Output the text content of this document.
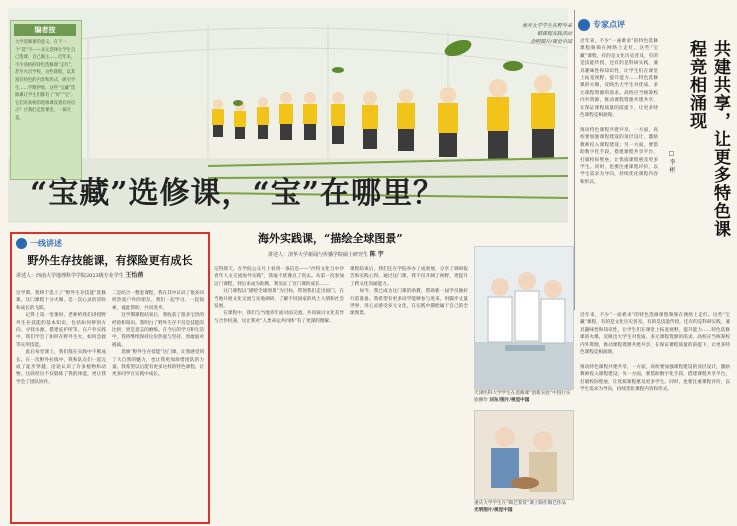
编者按
大学选修课的意义，在于一个“选”字——多元选择让学生自己选课、自己做主……近年来，不少高校的特色选修课“走红”，甚至火出学校。这些课程，以其富有特色的内容和形式，吸引学生……学期伊始，这些“宝藏”选修课让学生们都有了“好”“宝”。它们对高校的选修课设置有何启示？让我们走进课堂，一探究竟。
南开大学学生在野外采
稻课程实践活动
余明图片/视觉中国
“宝藏”选修课，“宝”在哪里？
专家点评
共建共享，让更多特色课程竞相涌现
□ 李 彬
近年来，不少“一座难求”的特色选修课程频频在网络上走红。这些“宝藏”课程，有的是文化历史普及，有的是技能传授，还有的是科研实践，兼具趣味性和知识性，让学生们在课堂上拓宽视野、提升能力……特色选修课的火爆，反映出大学生对优质、多元课程资源的渴求。高校应当统筹校内外资源，推动课程资源共建共享，在保证课程质量的前提下，让更多特色课程竞相涌现。

推动特色课程共建共享，一方面，高校要加强课程建设的顶层设计，激励教师投入课程建设；另一方面，要借助数字化手段，搭建课程共享平台，打破校际壁垒，让优质课程惠及更多学生。同时，也要注重课程评价，以学生需求为导向，持续优化课程内容和形式。
近年来，不少“一座难求”的特色选修课程频频在网络上走红。这些“宝藏”课程，有的是文化历史普及，有的是技能传授，还有的是科研实践，兼具趣味性和知识性，让学生们在课堂上拓宽视野、提升能力……特色选修课的火爆，反映出大学生对优质、多元课程资源的渴求。高校应当统筹校内外资源，推动课程资源共建共享，在保证课程质量的前提下，让更多特色课程竞相涌现。

推动特色课程共建共享，一方面，高校要加强课程建设的顶层设计，激励教师投入课程建设；另一方面，要借助数字化手段，搭建课程共享平台，打破校际壁垒，让优质课程惠及更多学生。同时，也要注重课程评价，以学生需求为导向，持续优化课程内容和形式。
一线讲述
野外生存技能课，有探险更有成长
讲述人：西南大学地理科学学院2023级专业学生 王怡蓓
这学期，我终于选上了“野外生存技能”选修课。这门课程十分火爆，是一次心灵的冒险和成长的飞跃。
　　记得上第一堂课时，老师给我们讲授野外生存技能的基本知识，包括如何辨别方向、寻找水源、搭建庇护所等。在户外实践中，我们学会了如何在野外生火、如何急救等实用技能。
　　此后每堂课上，我们都在实践中不断成长。在一次野外拉练中，我和队友们一起完成了徒步穿越，沿途认识了许多植物和动物。这段经历不仅锻炼了我的体能，更让我学会了团队协作。
二是结合一整套课程，我在其中认识了很多同样热爱户外的朋友。我们一起学习、一起探索，彼此帮助，共同进步。
　　这学期课程结束后，我收获了很多宝贵的经验和知识。我明白了野外生存不仅是技能的比拼，更是意志的磨练。在今后的学习和生活中，我将继续保持这份热爱与坚持，勇敢面对挑战。
　　选修“野外生存技能”这门课，让我感受到了大自然的魅力，也让我更加珍惜团队的力量。我希望以后能有更多这样的特色课程，让更多同学在实践中成长。
海外实践课，“描绘全球图景”
讲述人：清华大学新闻与传播学院硕士研究生 陈 宇
记得那天，在学院公众号上看到一条信息——“沙特文化与中沙青年人文交流海外实践”，我毫不犹豫点了进去。从第一次参加这门课程，到后来成为助教，我见证了这门课的成长……
　　这门课程以“描绘全球图景”为目标，带领我们走出国门，在当地开展文化交流与实地调研，了解不同国家的风土人情和社会发展。
　　在课程中，我们与当地青年面对面交流，共同探讨文化差异与合作机遇，这让我对“人类命运共同体”有了更深的理解。
课程结束后，我们还在学院举办了成果展，分享了调研报告和实践心得。通过这门课，我不仅开阔了视野，更提升了跨文化沟通能力。
　　如今，我已成为这门课的助教，帮助新一届学员做好行前准备。我希望有更多同学能够参与进来，用脚步丈量世界，用心灵感受多元文化，在实践中描绘属于自己的全球图景。
天津医科大学学生在选修课“创新实验”中进行实验操作 刘东/图片/视觉中国
重庆大学学生在“陶艺鉴赏”课上制作陶艺作品 光明图片/视觉中国
